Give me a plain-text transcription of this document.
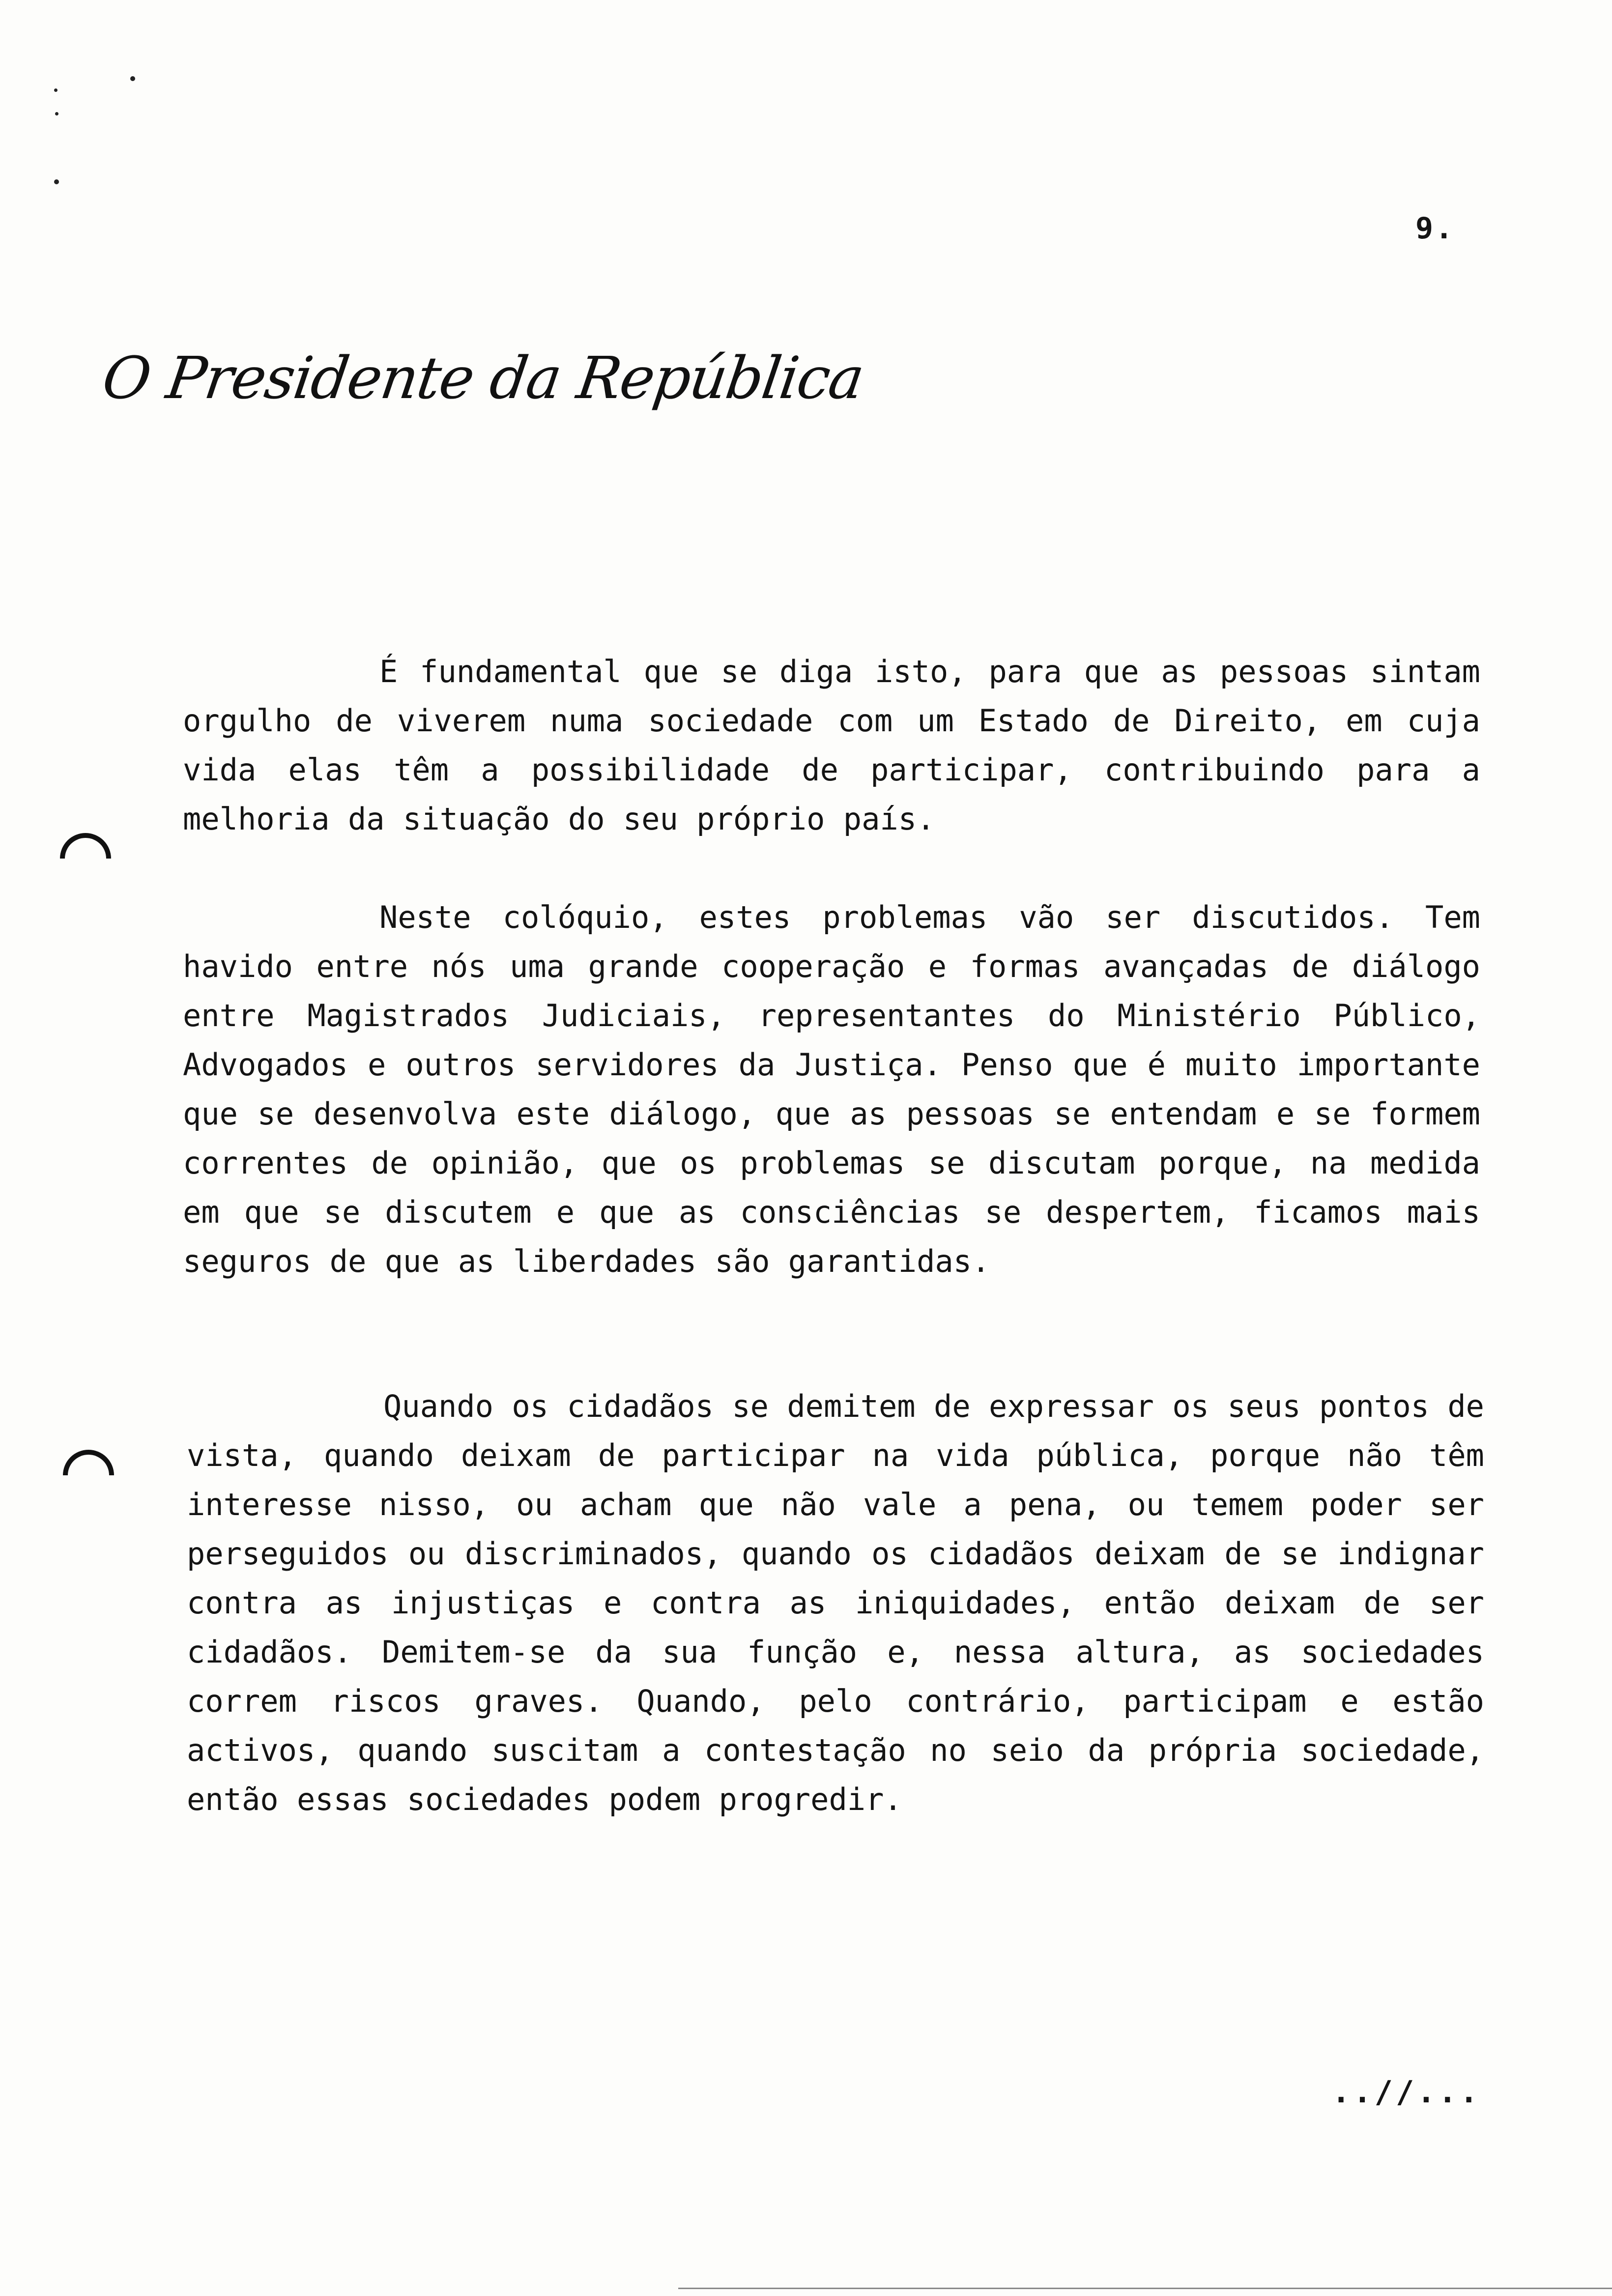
9.
O Presidente da República

É fundamental que se diga isto, para que as pessoas sintam orgulho de viverem numa sociedade com um Estado de Direito, em cuja vida elas têm a possibilidade de participar, contribuindo para a melhoria da situação do seu próprio país.

Neste colóquio, estes problemas vão ser discutidos. Tem havido entre nós uma grande cooperação e formas avançadas de diálogo entre Magistrados Judiciais, representantes do Ministério Público, Advogados e outros servidores da Justiça. Penso que é muito importante que se desenvolva este diálogo, que as pessoas se entendam e se formem correntes de opinião, que os problemas se discutam porque, na medida em que se discutem e que as consciências se despertem, ficamos mais seguros de que as liberdades são garantidas.

Quando os cidadãos se demitem de expressar os seus pontos de vista, quando deixam de participar na vida pública, porque não têm interesse nisso, ou acham que não vale a pena, ou temem poder ser perseguidos ou discriminados, quando os cidadãos deixam de se indignar contra as injustiças e contra as iniquidades, então deixam de ser cidadãos. Demitem-se da sua função e, nessa altura, as sociedades correm riscos graves. Quando, pelo contrário, participam e estão activos, quando suscitam a contestação no seio da própria sociedade, então essas sociedades podem progredir.

..//...
